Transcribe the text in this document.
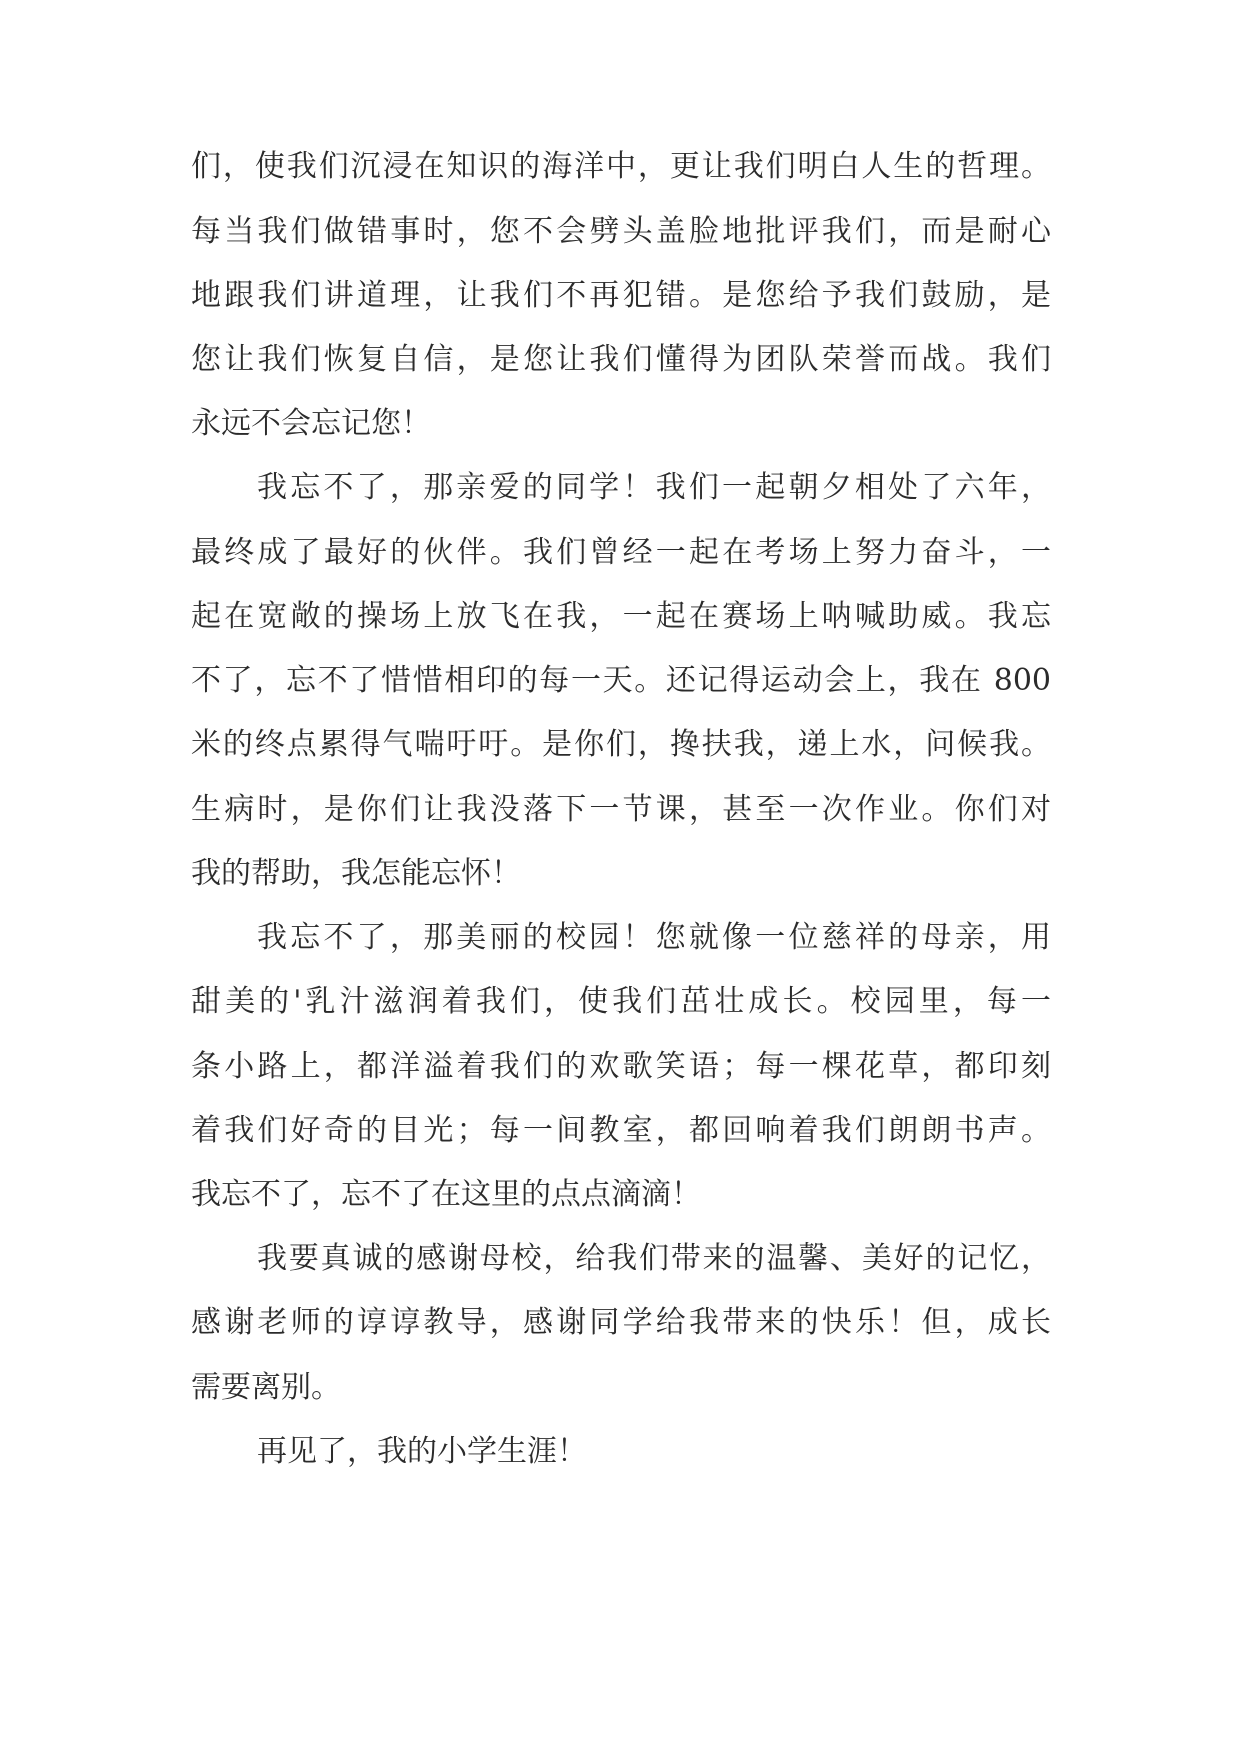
们，使我们沉浸在知识的海洋中，更让我们明白人生的哲理。
每当我们做错事时，您不会劈头盖脸地批评我们，而是耐心
地跟我们讲道理，让我们不再犯错。是您给予我们鼓励，是
您让我们恢复自信，是您让我们懂得为团队荣誉而战。我们
永远不会忘记您！
我忘不了，那亲爱的同学！我们一起朝夕相处了六年，
最终成了最好的伙伴。我们曾经一起在考场上努力奋斗，一
起在宽敞的操场上放飞在我，一起在赛场上呐喊助威。我忘
不了，忘不了惜惜相印的每一天。还记得运动会上，我在 800
米的终点累得气喘吁吁。是你们，搀扶我，递上水，问候我。
生病时，是你们让我没落下一节课，甚至一次作业。你们对
我的帮助，我怎能忘怀！
我忘不了，那美丽的校园！您就像一位慈祥的母亲，用
甜美的'乳汁滋润着我们，使我们茁壮成长。校园里，每一
条小路上，都洋溢着我们的欢歌笑语；每一棵花草，都印刻
着我们好奇的目光；每一间教室，都回响着我们朗朗书声。
我忘不了，忘不了在这里的点点滴滴！
我要真诚的感谢母校，给我们带来的温馨、美好的记忆，
感谢老师的谆谆教导，感谢同学给我带来的快乐！但，成长
需要离别。
再见了，我的小学生涯！
